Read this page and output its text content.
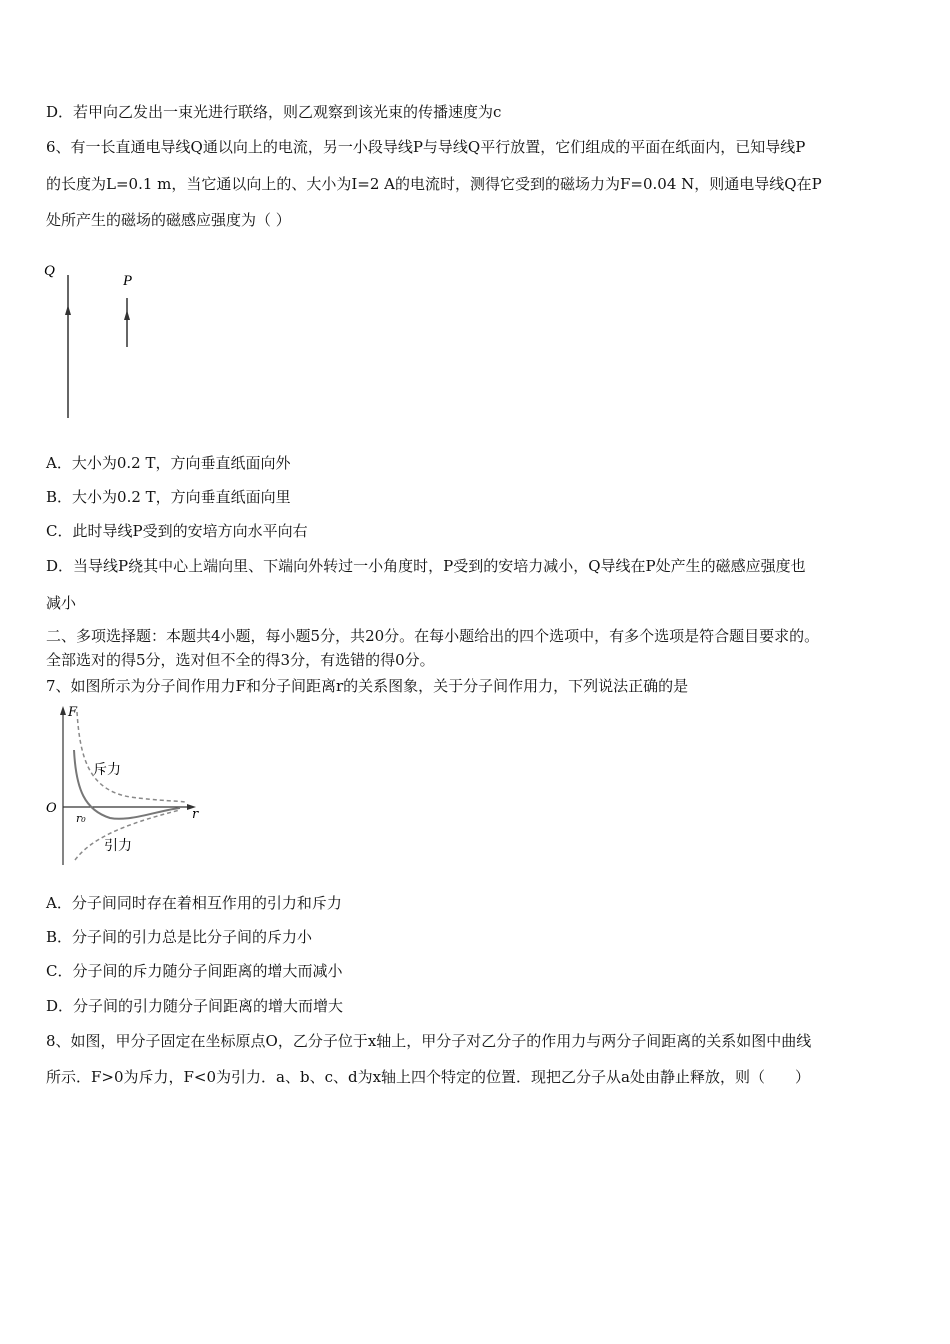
D．若甲向乙发出一束光进行联络，则乙观察到该光束的传播速度为c
6、有一长直通电导线Q通以向上的电流，另一小段导线P与导线Q平行放置，它们组成的平面在纸面内，已知导线P
的长度为L=0.1 m，当它通以向上的、大小为I=2 A的电流时，测得它受到的磁场力为F=0.04 N，则通电导线Q在P
处所产生的磁场的磁感应强度为（ ）
Q
P
A．大小为0.2 T，方向垂直纸面向外
B．大小为0.2 T，方向垂直纸面向里
C．此时导线P受到的安培方向水平向右
D．当导线P绕其中心上端向里、下端向外转过一小角度时，P受到的安培力减小，Q导线在P处产生的磁感应强度也
减小
二、多项选择题：本题共4小题，每小题5分，共20分。在每小题给出的四个选项中，有多个选项是符合题目要求的。
全部选对的得5分，选对但不全的得3分，有选错的得0分。
7、如图所示为分子间作用力F和分子间距离r的关系图象，关于分子间作用力，下列说法正确的是
F
r
O
r₀
斥力
引力
A．分子间同时存在着相互作用的引力和斥力
B．分子间的引力总是比分子间的斥力小
C．分子间的斥力随分子间距离的增大而减小
D．分子间的引力随分子间距离的增大而增大
8、如图，甲分子固定在坐标原点O，乙分子位于x轴上，甲分子对乙分子的作用力与两分子间距离的关系如图中曲线
所示．F>0为斥力，F<0为引力．a、b、c、d为x轴上四个特定的位置．现把乙分子从a处由静止释放，则（　　）
